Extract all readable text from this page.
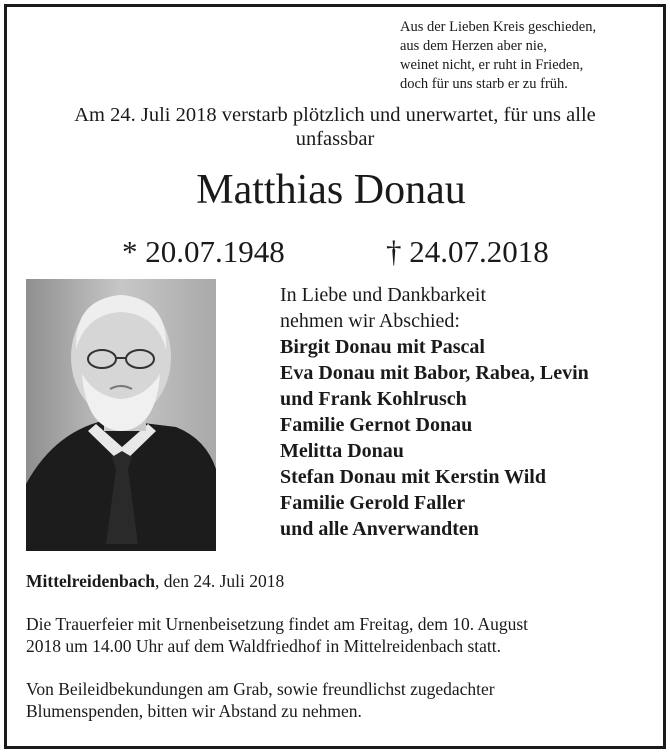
Aus der Lieben Kreis geschieden,
aus dem Herzen aber nie,
weinet nicht, er ruht in Frieden,
doch für uns starb er zu früh.
Am 24. Juli 2018 verstarb plötzlich und unerwartet, für uns alle
unfassbar
Matthias Donau
* 20.07.1948	† 24.07.2018
In Liebe und Dankbarkeit
nehmen wir Abschied:
Birgit Donau mit Pascal
Eva Donau mit Babor, Rabea, Levin
und Frank Kohlrusch
Familie Gernot Donau
Melitta Donau
Stefan Donau mit Kerstin Wild
Familie Gerold Faller
und alle Anverwandten
Mittelreidenbach, den 24. Juli 2018
Die Trauerfeier mit Urnenbeisetzung findet am Freitag, dem 10. August
2018 um 14.00 Uhr auf dem Waldfriedhof in Mittelreidenbach statt.
Von Beileidbekundungen am Grab, sowie freundlichst zugedachter
Blumenspenden, bitten wir Abstand zu nehmen.
